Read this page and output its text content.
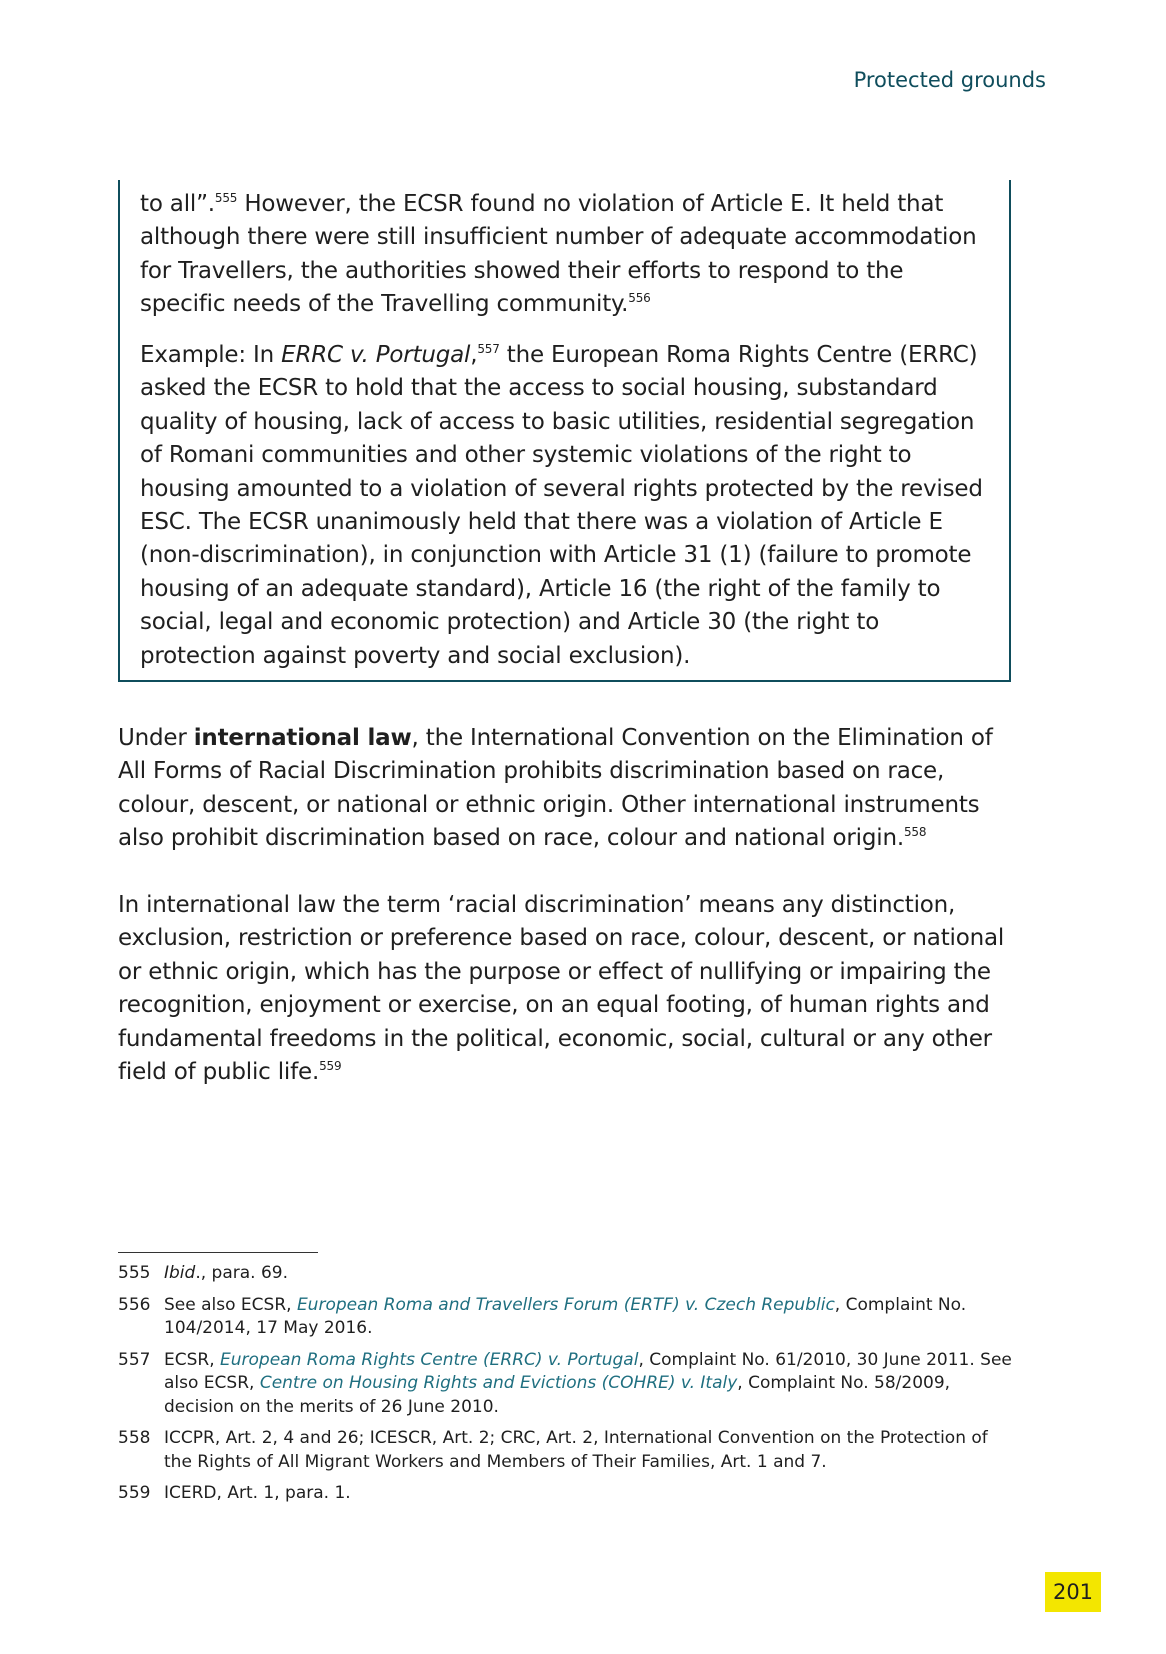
Protected grounds

to all”.$^{555}$ However, the ECSR found no violation of Article E. It held that although there were still insufficient number of adequate accommodation for Travellers, the authorities showed their efforts to respond to the specific needs of the Travelling community.$^{556}$

Example: In ERRC v. Portugal,$^{557}$ the European Roma Rights Centre (ERRC) asked the ECSR to hold that the access to social housing, substandard quality of housing, lack of access to basic utilities, residential segregation of Romani communities and other systemic violations of the right to housing amounted to a violation of several rights protected by the revised ESC. The ECSR unanimously held that there was a violation of Article E (non-discrimination), in conjunction with Article 31 (1) (failure to promote housing of an adequate standard), Article 16 (the right of the family to social, legal and economic protection) and Article 30 (the right to protection against poverty and social exclusion).

Under international law, the International Convention on the Elimination of All Forms of Racial Discrimination prohibits discrimination based on race, colour, descent, or national or ethnic origin. Other international instruments also prohibit discrimination based on race, colour and national origin.$^{558}$

In international law the term ‘racial discrimination’ means any distinction, exclusion, restriction or preference based on race, colour, descent, or national or ethnic origin, which has the purpose or effect of nullifying or impairing the recognition, enjoyment or exercise, on an equal footing, of human rights and fundamental freedoms in the political, economic, social, cultural or any other field of public life.$^{559}$

555 Ibid., para. 69.
556 See also ECSR, European Roma and Travellers Forum (ERTF) v. Czech Republic, Complaint No. 104/2014, 17 May 2016.
557 ECSR, European Roma Rights Centre (ERRC) v. Portugal, Complaint No. 61/2010, 30 June 2011. See also ECSR, Centre on Housing Rights and Evictions (COHRE) v. Italy, Complaint No. 58/2009, decision on the merits of 26 June 2010.
558 ICCPR, Art. 2, 4 and 26; ICESCR, Art. 2; CRC, Art. 2, International Convention on the Protection of the Rights of All Migrant Workers and Members of Their Families, Art. 1 and 7.
559 ICERD, Art. 1, para. 1.
201
